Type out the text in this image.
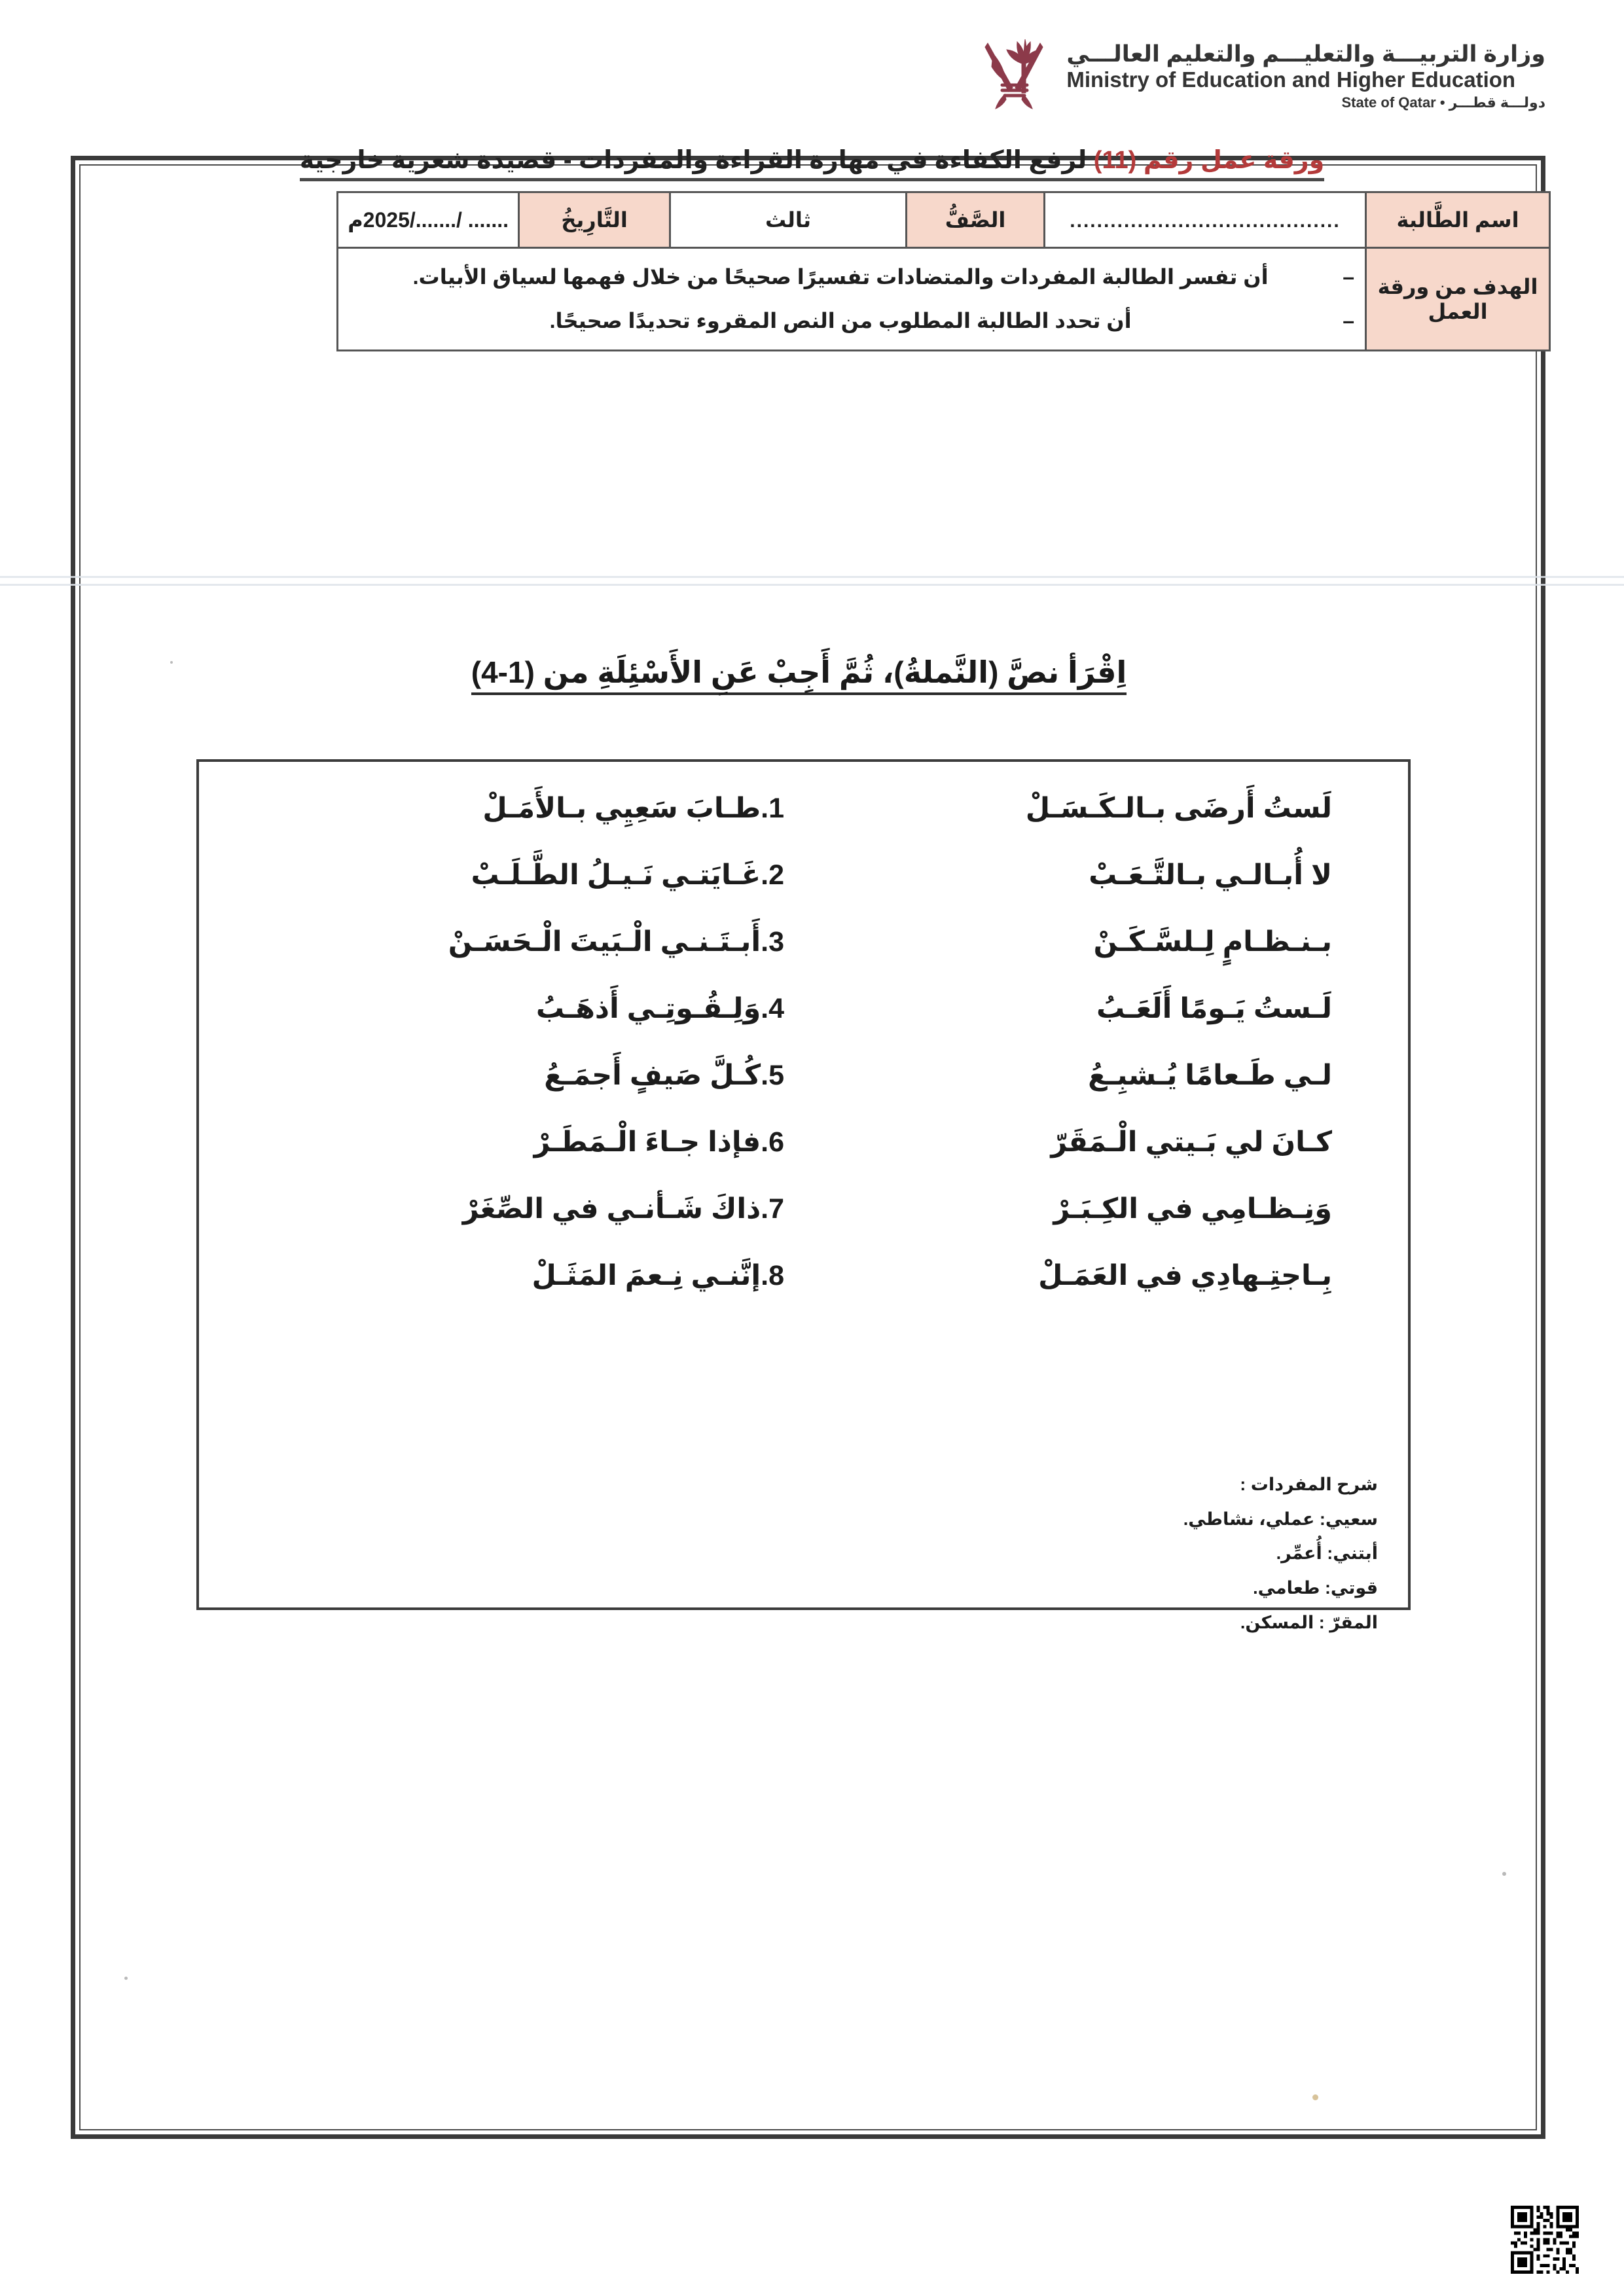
وزارة التربيـــة والتعليـــم والتعليم العالـــي
Ministry of Education and Higher Education
دولـــة قطـــر • State of Qatar
ورقة عمل رقم (11) لرفع الكفاءة في مهارة القراءة والمفردات - قصيدة شعرية خارجية
اسم الطَّالبة	........................................	الصَّفُّ	ثالث	التَّارِيخُ	....... /......./2025م
الهدف من ورقة العمل	
– أن تفسر الطالبة المفردات والمتضادات تفسيرًا صحيحًا من خلال فهمها لسياق الأبيات.
– أن تحدد الطالبة المطلوب من النص المقروء تحديدًا صحيحًا.
اِقْرَأ نصَّ (النَّملةُ)، ثُمَّ أَجِبْ عَنِ الأَسْئِلَةِ من (1-4)
لَستُ أَرضَى بـالـكَـسَـلْ
1.طـابَ سَعِيِي بـالأَمَـلْ
لا أُبـالـي بـالتَّـعَـبْ
2.غَـايَتـي نَـيـلُ الطَّـلَـبْ
بـنـظـامٍ لِـلسَّـكَـنْ
3.أَبـتَـنـي الْـبَيتَ الْـحَسَـنْ
لَـستُ يَـومًا أَلَعَـبُ
4.وَلِـقُـوتِـي أَذهَـبُ
لـي طَـعامًا يُـشبِـعُ
5.كُـلَّ صَيفٍ أَجمَـعُ
كـانَ لي بَـيتي الْـمَقَرّ
6.فإذا جـاءَ الْـمَطَـرْ
وَنِـظـامِي في الكِـبَـرْ
7.ذاكَ شَـأنـي في الصِّغَرْ
بِـاجتِـهادِي في العَمَـلْ
8.إنَّنـي نِـعمَ المَثَـلْ
شرح المفردات :
سعيي: عملي، نشاطي.
أبتني: أُعمِّر.
قوتي: طعامي.
المقرّ : المسكن.
